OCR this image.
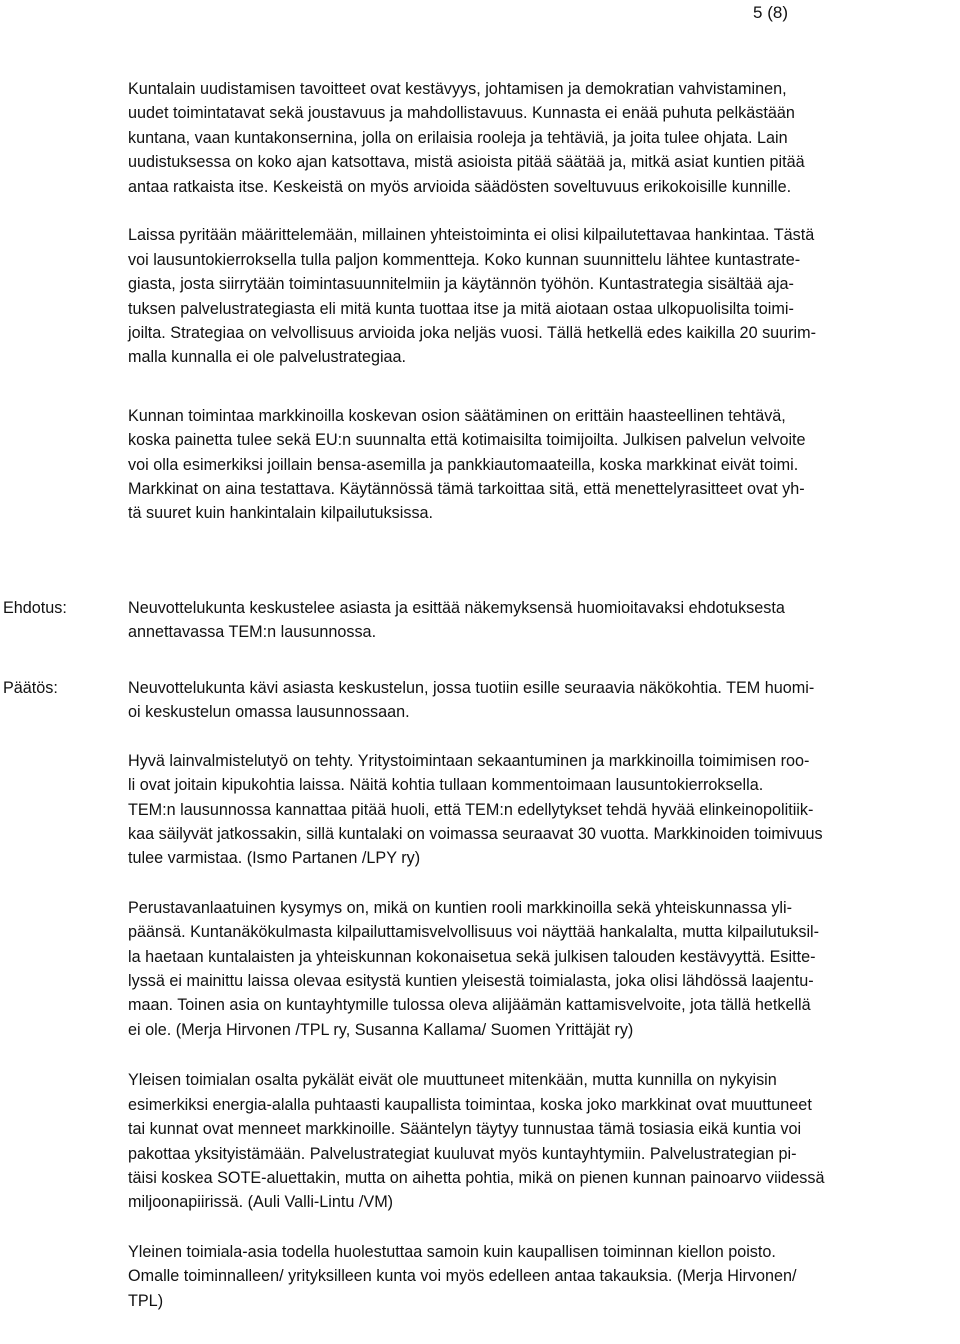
5 (8)

Kuntalain uudistamisen tavoitteet ovat kestävyys, johtamisen ja demokratian vahvistaminen,
uudet toimintatavat sekä joustavuus ja mahdollistavuus. Kunnasta ei enää puhuta pelkästään
kuntana, vaan kuntakonsernina, jolla on erilaisia rooleja ja tehtäviä, ja joita tulee ohjata. Lain
uudistuksessa on koko ajan katsottava, mistä asioista pitää säätää ja, mitkä asiat kuntien pitää
antaa ratkaista itse. Keskeistä on myös arvioida säädösten soveltuvuus erikokoisille kunnille.

Laissa pyritään määrittelemään, millainen yhteistoiminta ei olisi kilpailutettavaa hankintaa. Tästä
voi lausuntokierroksella tulla paljon kommentteja. Koko kunnan suunnittelu lähtee kuntastrate-
giasta, josta siirrytään toimintasuunnitelmiin ja käytännön työhön. Kuntastrategia sisältää aja-
tuksen palvelustrategiasta eli mitä kunta tuottaa itse ja mitä aiotaan ostaa ulkopuolisilta toimi-
joilta. Strategiaa on velvollisuus arvioida joka neljäs vuosi. Tällä hetkellä edes kaikilla 20 suurim-
malla kunnalla ei ole palvelustrategiaa.

Kunnan toimintaa markkinoilla koskevan osion säätäminen on erittäin haasteellinen tehtävä,
koska painetta tulee sekä EU:n suunnalta että kotimaisilta toimijoilta. Julkisen palvelun velvoite
voi olla esimerkiksi joillain bensa-asemilla ja pankkiautomaateilla, koska markkinat eivät toimi.
Markkinat on aina testattava. Käytännössä tämä tarkoittaa sitä, että menettelyrasitteet ovat yh-
tä suuret kuin hankintalain kilpailutuksissa.

Ehdotus:	Neuvottelukunta keskustelee asiasta ja esittää näkemyksensä huomioitavaksi ehdotuksesta
annettavassa TEM:n lausunnossa.

Päätös:	Neuvottelukunta kävi asiasta keskustelun, jossa tuotiin esille seuraavia näkökohtia. TEM huomi-
oi keskustelun omassa lausunnossaan.

Hyvä lainvalmistelutyö on tehty. Yritystoimintaan sekaantuminen ja markkinoilla toimimisen roo-
li ovat joitain kipukohtia laissa. Näitä kohtia tullaan kommentoimaan lausuntokierroksella.
TEM:n lausunnossa kannattaa pitää huoli, että TEM:n edellytykset tehdä hyvää elinkeinopolitiik-
kaa säilyvät jatkossakin, sillä kuntalaki on voimassa seuraavat 30 vuotta. Markkinoiden toimivuus
tulee varmistaa. (Ismo Partanen /LPY ry)

Perustavanlaatuinen kysymys on, mikä on kuntien rooli markkinoilla sekä yhteiskunnassa yli-
päänsä. Kuntanäkökulmasta kilpailuttamisvelvollisuus voi näyttää hankalalta, mutta kilpailutuksil-
la haetaan kuntalaisten ja yhteiskunnan kokonaisetua sekä julkisen talouden kestävyyttä. Esitte-
lyssä ei mainittu laissa olevaa esitystä kuntien yleisestä toimialasta, joka olisi lähdössä laajentu-
maan. Toinen asia on kuntayhtymille tulossa oleva alijäämän kattamisvelvoite, jota tällä hetkellä
ei ole. (Merja Hirvonen /TPL ry, Susanna Kallama/ Suomen Yrittäjät ry)

Yleisen toimialan osalta pykälät eivät ole muuttuneet mitenkään, mutta kunnilla on nykyisin
esimerkiksi energia-alalla puhtaasti kaupallista toimintaa, koska joko markkinat ovat muuttuneet
tai kunnat ovat menneet markkinoille. Sääntelyn täytyy tunnustaa tämä tosiasia eikä kuntia voi
pakottaa yksityistämään. Palvelustrategiat kuuluvat myös kuntayhtymiin. Palvelustrategian pi-
täisi koskea SOTE-aluettakin, mutta on aihetta pohtia, mikä on pienen kunnan painoarvo viidessä
miljoonapiirissä. (Auli Valli-Lintu /VM)

Yleinen toimiala-asia todella huolestuttaa samoin kuin kaupallisen toiminnan kiellon poisto.
Omalle toiminnalleen/ yrityksilleen kunta voi myös edelleen antaa takauksia. (Merja Hirvonen/
TPL)
